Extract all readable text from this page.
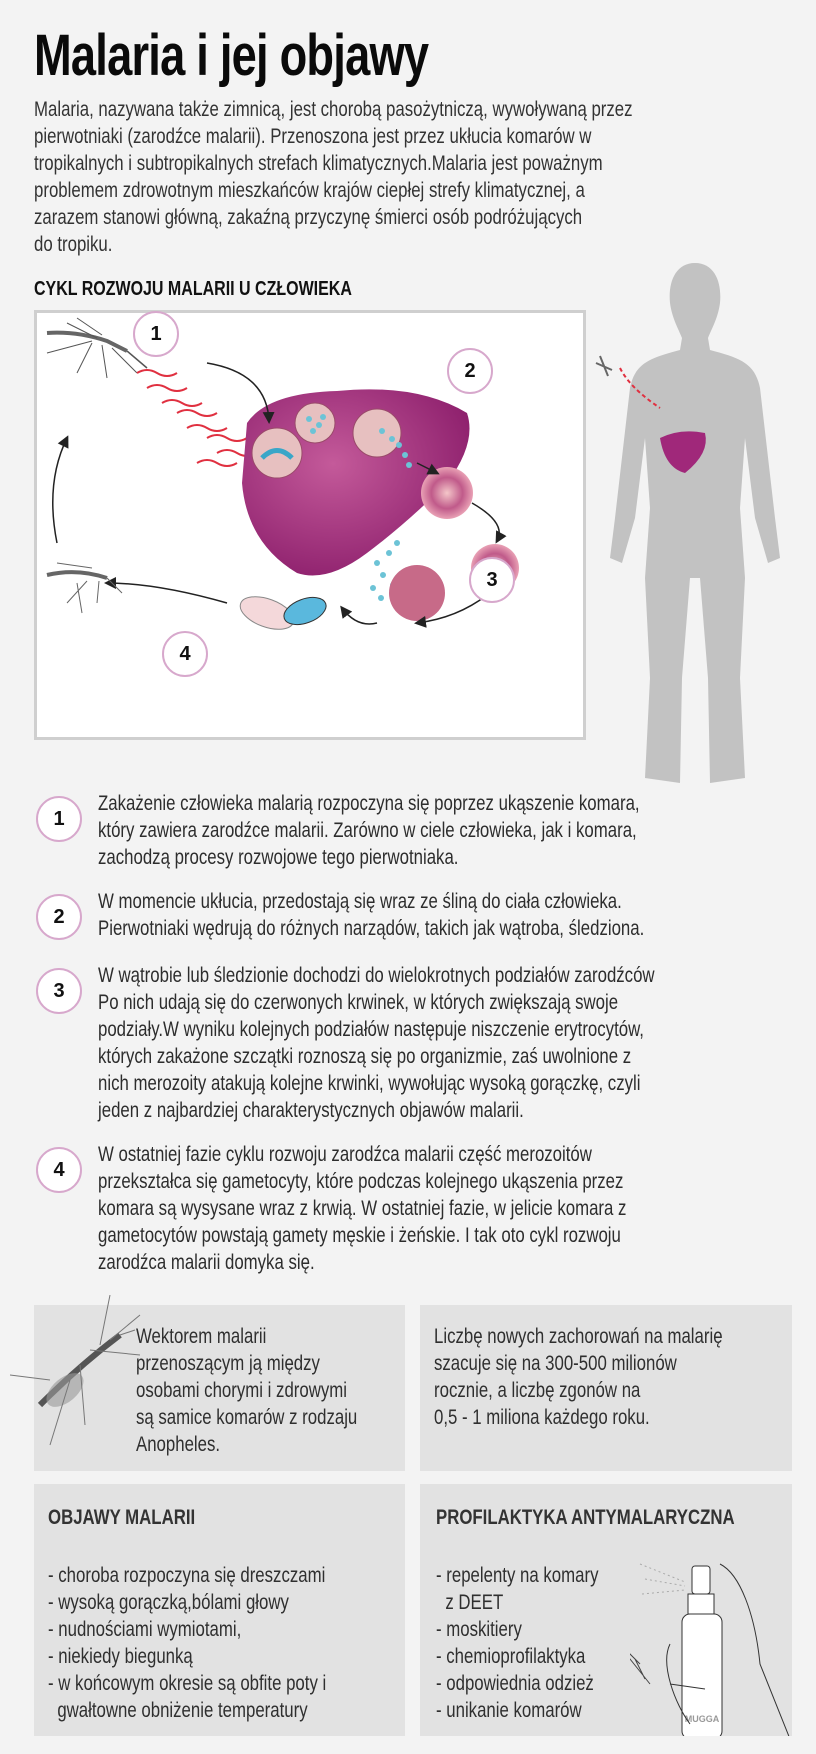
Malaria i jej objawy
Malaria, nazywana także zimnicą, jest chorobą pasożytniczą, wywoływaną przez
pierwotniaki (zarodźce malarii). Przenoszona jest przez ukłucia komarów w
tropikalnych i subtropikalnych strefach klimatycznych.Malaria jest poważnym
problemem zdrowotnym mieszkańców krajów ciepłej strefy klimatycznej, a
zarazem stanowi główną, zakaźną przyczynę śmierci osób podróżujących
do tropiku.
CYKL ROZWOJU MALARII U CZŁOWIEKA
1
2
3
4
1
Zakażenie człowieka malarią rozpoczyna się poprzez ukąszenie komara,
który zawiera zarodźce malarii. Zarówno w ciele człowieka, jak i komara,
zachodzą procesy rozwojowe tego pierwotniaka.
2
W momencie ukłucia, przedostają się wraz ze śliną do ciała człowieka.
Pierwotniaki wędrują do różnych narządów, takich jak wątroba, śledziona.
3
W wątrobie lub śledzionie dochodzi do wielokrotnych podziałów zarodźców
Po nich udają się do czerwonych krwinek, w których zwiększają swoje
podziały.W wyniku kolejnych podziałów następuje niszczenie erytrocytów,
których zakażone szczątki roznoszą się po organizmie, zaś uwolnione z
nich merozoity atakują kolejne krwinki, wywołując wysoką gorączkę, czyli
jeden z najbardziej charakterystycznych objawów malarii.
4
W ostatniej fazie cyklu rozwoju zarodźca malarii część merozoitów
przekształca się gametocyty, które podczas kolejnego ukąszenia przez
komara są wysysane wraz z krwią. W ostatniej fazie, w jelicie komara z
gametocytów powstają gamety męskie i żeńskie. I tak oto cykl rozwoju
zarodźca malarii domyka się.
Wektorem malarii
przenoszącym ją między
osobami chorymi i zdrowymi
są samice komarów z rodzaju
Anopheles.
Liczbę nowych zachorowań na malarię
szacuje się na 300-500 milionów
rocznie, a liczbę zgonów na
0,5 - 1 miliona każdego roku.
OBJAWY MALARII
- choroba rozpoczyna się dreszczami
- wysoką gorączką,bólami głowy
- nudnościami wymiotami,
- niekiedy biegunką
- w końcowym okresie są obfite poty i
gwałtowne obniżenie temperatury
PROFILAKTYKA ANTYMALARYCZNA
- repelenty na komary
z DEET
- moskitiery
- chemioprofilaktyka
- odpowiednia odzież
- unikanie komarów	MUGGA
